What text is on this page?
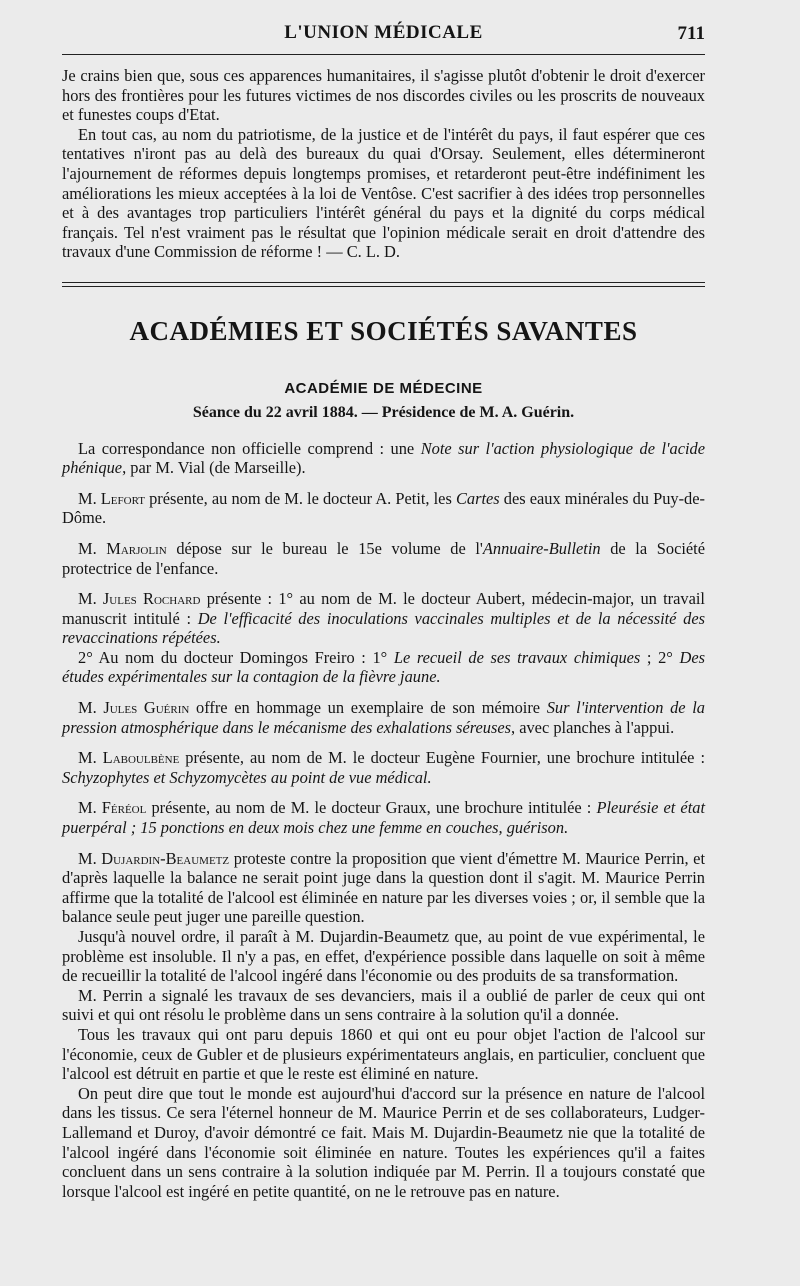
L'UNION MÉDICALE	711

Je crains bien que, sous ces apparences humanitaires, il s'agisse plutôt d'obtenir le droit d'exercer hors des frontières pour les futures victimes de nos discordes civiles ou les proscrits de nouveaux et funestes coups d'Etat.

En tout cas, au nom du patriotisme, de la justice et de l'intérêt du pays, il faut espérer que ces tentatives n'iront pas au delà des bureaux du quai d'Orsay. Seulement, elles détermineront l'ajournement de réformes depuis longtemps promises, et retarderont peut-être indéfiniment les améliorations les mieux acceptées à la loi de Ventôse. C'est sacrifier à des idées trop personnelles et à des avantages trop particuliers l'intérêt général du pays et la dignité du corps médical français. Tel n'est vraiment pas le résultat que l'opinion médicale serait en droit d'attendre des travaux d'une Commission de réforme ! — C. L. D.

ACADÉMIES ET SOCIÉTÉS SAVANTES
ACADÉMIE DE MÉDECINE
Séance du 22 avril 1884. — Présidence de M. A. Guérin.

La correspondance non officielle comprend : une Note sur l'action physiologique de l'acide phénique, par M. Vial (de Marseille).

M. Lefort présente, au nom de M. le docteur A. Petit, les Cartes des eaux minérales du Puy-de-Dôme.

M. Marjolin dépose sur le bureau le 15e volume de l'Annuaire-Bulletin de la Société protectrice de l'enfance.

M. Jules Rochard présente : 1° au nom de M. le docteur Aubert, médecin-major, un travail manuscrit intitulé : De l'efficacité des inoculations vaccinales multiples et de la nécessité des revaccinations répétées.

2° Au nom du docteur Domingos Freiro : 1° Le recueil de ses travaux chimiques ; 2° Des études expérimentales sur la contagion de la fièvre jaune.

M. Jules Guérin offre en hommage un exemplaire de son mémoire Sur l'intervention de la pression atmosphérique dans le mécanisme des exhalations séreuses, avec planches à l'appui.

M. Laboulbène présente, au nom de M. le docteur Eugène Fournier, une brochure intitulée : Schyzophytes et Schyzomycètes au point de vue médical.

M. Féréol présente, au nom de M. le docteur Graux, une brochure intitulée : Pleurésie et état puerpéral ; 15 ponctions en deux mois chez une femme en couches, guérison.

M. Dujardin-Beaumetz proteste contre la proposition que vient d'émettre M. Maurice Perrin, et d'après laquelle la balance ne serait point juge dans la question dont il s'agit. M. Maurice Perrin affirme que la totalité de l'alcool est éliminée en nature par les diverses voies ; or, il semble que la balance seule peut juger une pareille question.

Jusqu'à nouvel ordre, il paraît à M. Dujardin-Beaumetz que, au point de vue expérimental, le problème est insoluble. Il n'y a pas, en effet, d'expérience possible dans laquelle on soit à même de recueillir la totalité de l'alcool ingéré dans l'économie ou des produits de sa transformation.

M. Perrin a signalé les travaux de ses devanciers, mais il a oublié de parler de ceux qui ont suivi et qui ont résolu le problème dans un sens contraire à la solution qu'il a donnée.

Tous les travaux qui ont paru depuis 1860 et qui ont eu pour objet l'action de l'alcool sur l'économie, ceux de Gubler et de plusieurs expérimentateurs anglais, en particulier, concluent que l'alcool est détruit en partie et que le reste est éliminé en nature.

On peut dire que tout le monde est aujourd'hui d'accord sur la présence en nature de l'alcool dans les tissus. Ce sera l'éternel honneur de M. Maurice Perrin et de ses collaborateurs, Ludger-Lallemand et Duroy, d'avoir démontré ce fait. Mais M. Dujardin-Beaumetz nie que la totalité de l'alcool ingéré dans l'économie soit éliminée en nature. Toutes les expériences qu'il a faites concluent dans un sens contraire à la solution indiquée par M. Perrin. Il a toujours constaté que lorsque l'alcool est ingéré en petite quantité, on ne le retrouve pas en nature.
